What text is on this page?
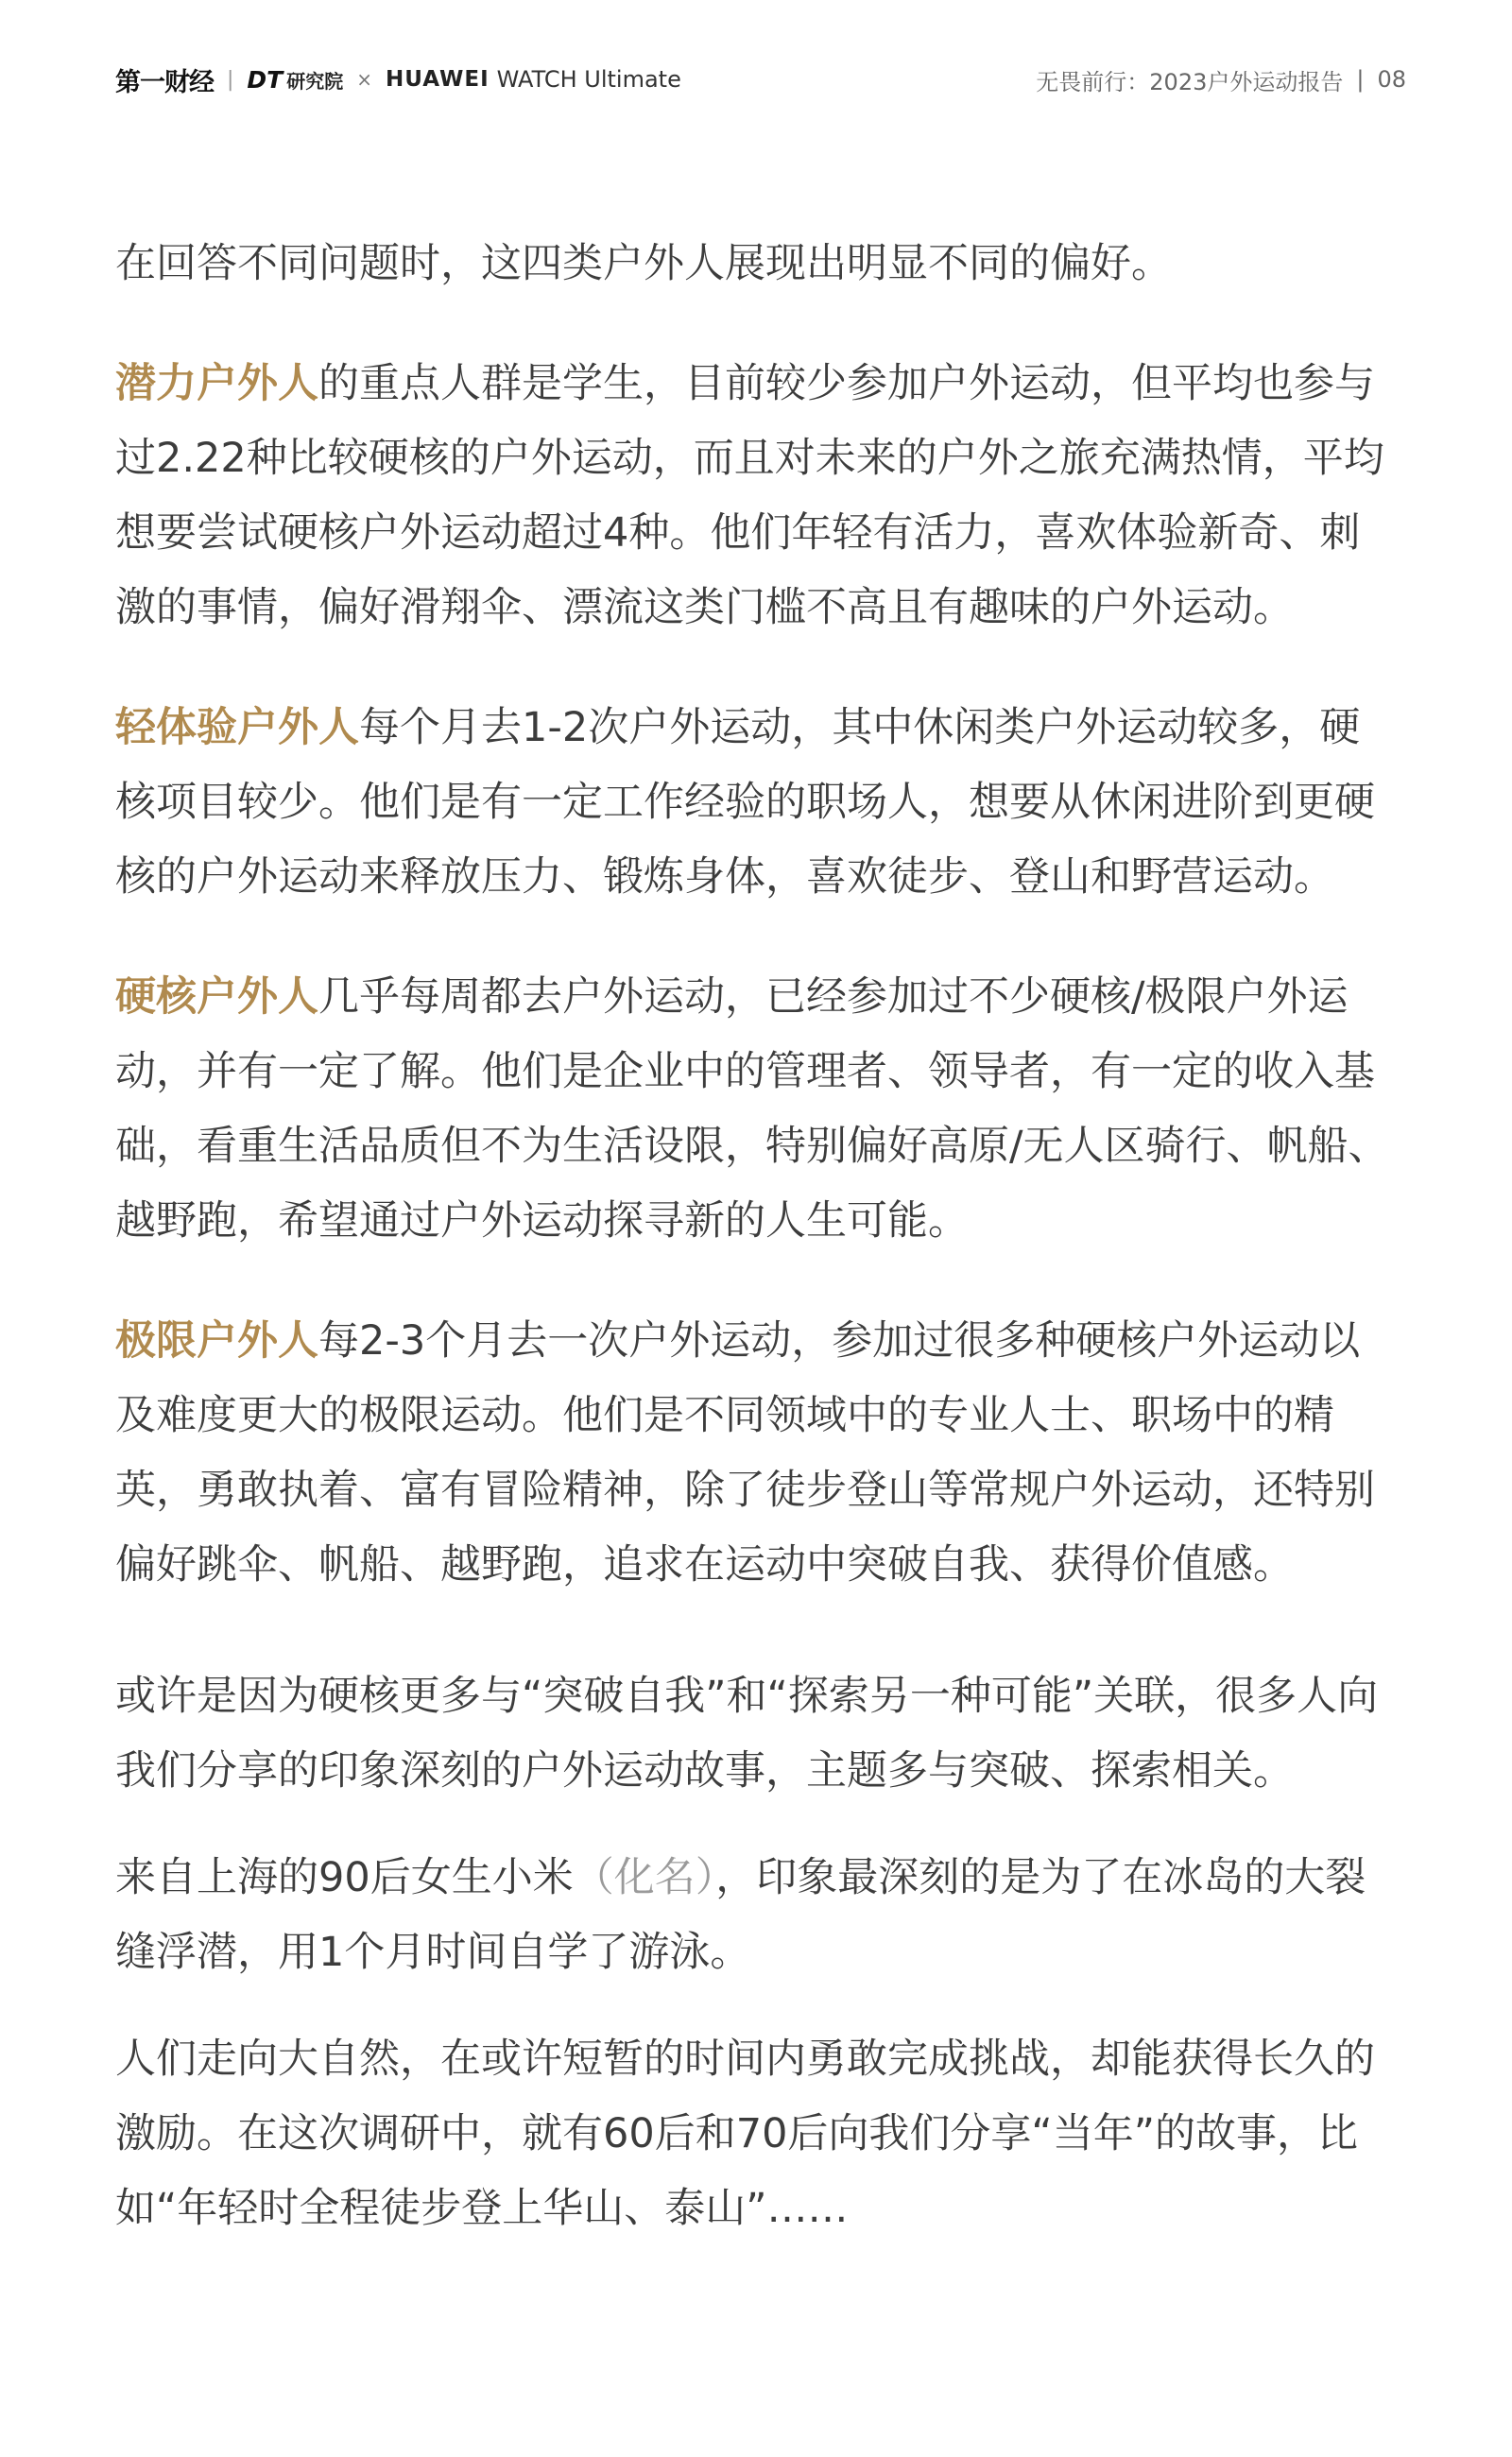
第一财经 | DT 研究院 × HUAWEI WATCH Ultimate	无畏前行：2023户外运动报告 | 08

在回答不同问题时，这四类户外人展现出明显不同的偏好。

潜力户外人的重点人群是学生，目前较少参加户外运动，但平均也参与过2.22种比较硬核的户外运动，而且对未来的户外之旅充满热情，平均想要尝试硬核户外运动超过4种。他们年轻有活力，喜欢体验新奇、刺激的事情，偏好滑翔伞、漂流这类门槛不高且有趣味的户外运动。

轻体验户外人每个月去1-2次户外运动，其中休闲类户外运动较多，硬核项目较少。他们是有一定工作经验的职场人，想要从休闲进阶到更硬核的户外运动来释放压力、锻炼身体，喜欢徒步、登山和野营运动。

硬核户外人几乎每周都去户外运动，已经参加过不少硬核/极限户外运动，并有一定了解。他们是企业中的管理者、领导者，有一定的收入基础，看重生活品质但不为生活设限，特别偏好高原/无人区骑行、帆船、越野跑，希望通过户外运动探寻新的人生可能。

极限户外人每2-3个月去一次户外运动，参加过很多种硬核户外运动以及难度更大的极限运动。他们是不同领域中的专业人士、职场中的精英，勇敢执着、富有冒险精神，除了徒步登山等常规户外运动，还特别偏好跳伞、帆船、越野跑，追求在运动中突破自我、获得价值感。

或许是因为硬核更多与“突破自我”和“探索另一种可能”关联，很多人向我们分享的印象深刻的户外运动故事，主题多与突破、探索相关。

来自上海的90后女生小米（化名），印象最深刻的是为了在冰岛的大裂缝浮潜，用1个月时间自学了游泳。

人们走向大自然，在或许短暂的时间内勇敢完成挑战，却能获得长久的激励。在这次调研中，就有60后和70后向我们分享“当年”的故事，比如“年轻时全程徒步登上华山、泰山”……
